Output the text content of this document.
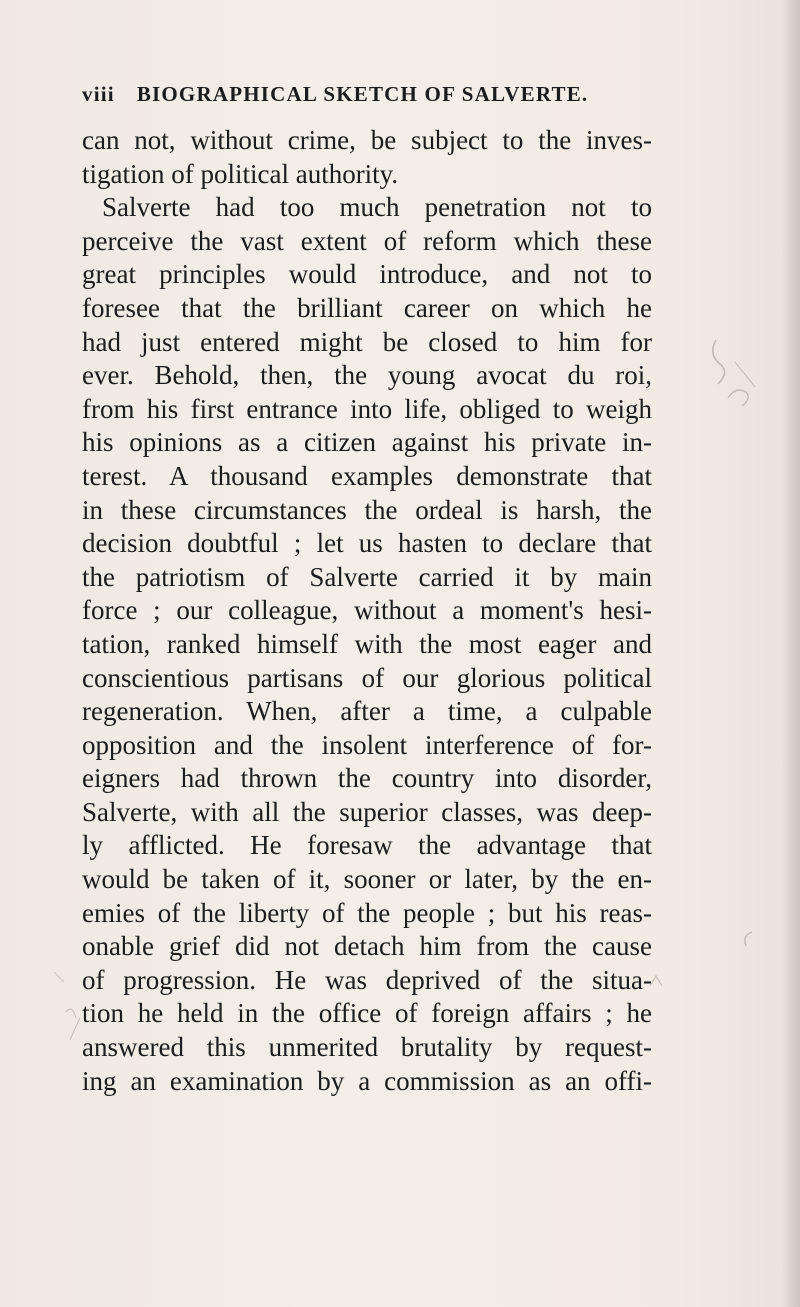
viii BIOGRAPHICAL SKETCH OF SALVERTE.
can not, without crime, be subject to the inves-
tigation of political authority.
Salverte had too much penetration not to
perceive the vast extent of reform which these
great principles would introduce, and not to
foresee that the brilliant career on which he
had just entered might be closed to him for
ever. Behold, then, the young avocat du roi,
from his first entrance into life, obliged to weigh
his opinions as a citizen against his private in-
terest. A thousand examples demonstrate that
in these circumstances the ordeal is harsh, the
decision doubtful ; let us hasten to declare that
the patriotism of Salverte carried it by main
force ; our colleague, without a moment's hesi-
tation, ranked himself with the most eager and
conscientious partisans of our glorious political
regeneration. When, after a time, a culpable
opposition and the insolent interference of for-
eigners had thrown the country into disorder,
Salverte, with all the superior classes, was deep-
ly afflicted. He foresaw the advantage that
would be taken of it, sooner or later, by the en-
emies of the liberty of the people ; but his reas-
onable grief did not detach him from the cause
of progression. He was deprived of the situa-
tion he held in the office of foreign affairs ; he
answered this unmerited brutality by request-
ing an examination by a commission as an offi-
